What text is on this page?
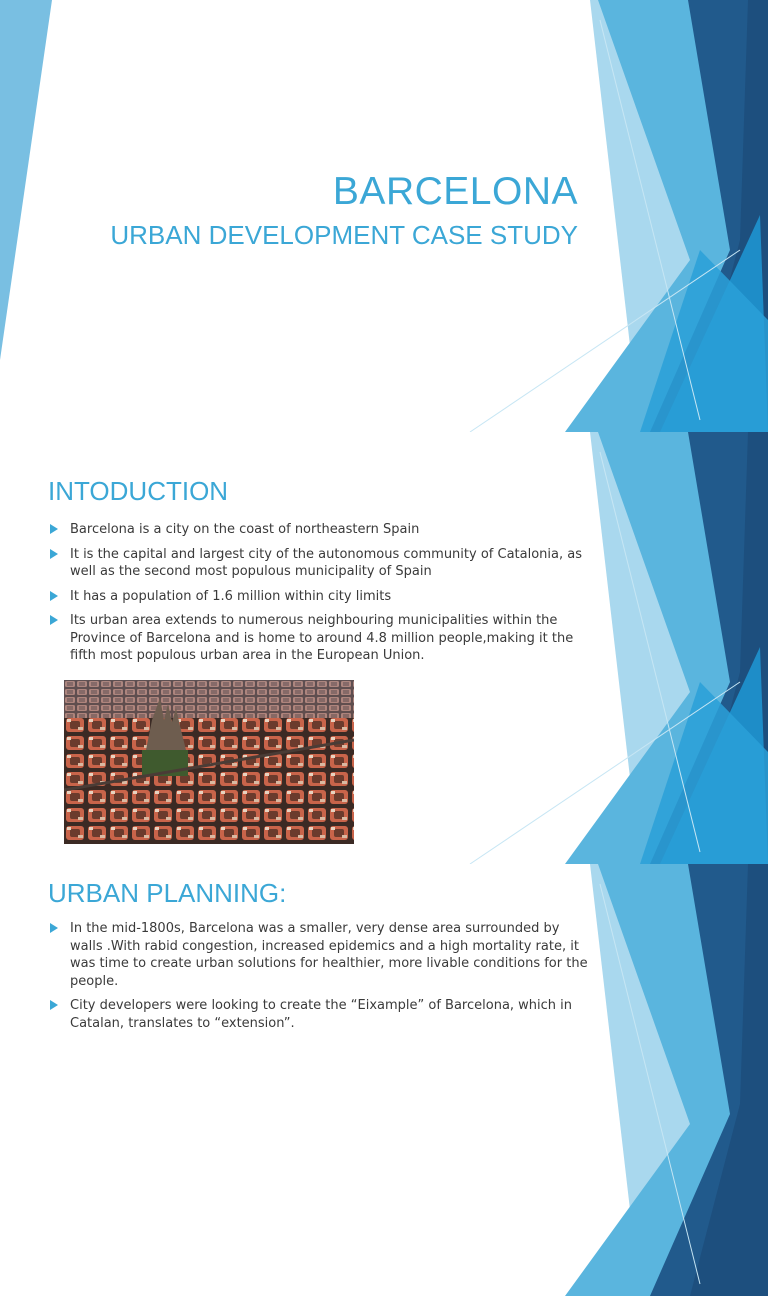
BARCELONA
URBAN DEVELOPMENT CASE STUDY
INTODUCTION
Barcelona is a city on the coast of northeastern Spain
It is the capital and largest city of the autonomous community of Catalonia, as well as the second most populous municipality of Spain
It has a population of 1.6 million within city limits
Its urban area extends to numerous neighbouring municipalities within the Province of Barcelona and is home to around 4.8 million people,making it the fifth most populous urban area in the European Union.
URBAN PLANNING:
In the mid-1800s, Barcelona was a smaller, very dense area surrounded by walls .With rabid congestion, increased epidemics and a high mortality rate, it was time to create urban solutions for healthier, more livable conditions for the people.
City developers were looking to create the “Eixample” of Barcelona, which in Catalan, translates to “extension”.
